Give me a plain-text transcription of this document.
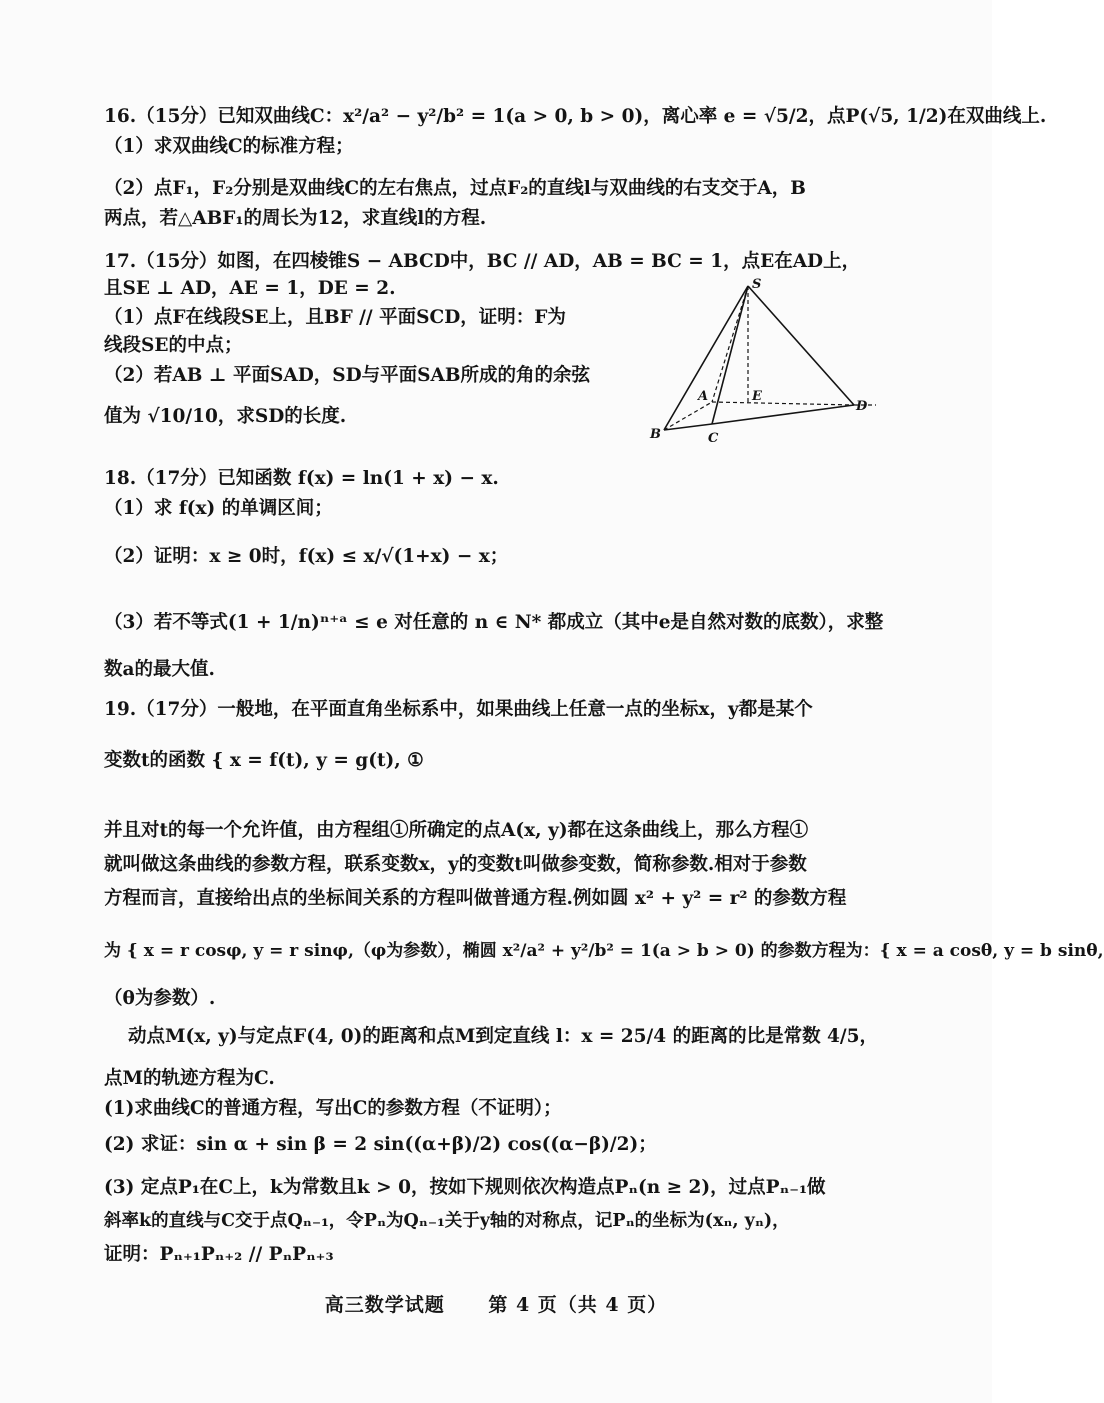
16.（15分）已知双曲线C：x²/a² − y²/b² = 1(a > 0, b > 0)，离心率 e = √5/2，点P(√5, 1/2)在双曲线上.
（1）求双曲线C的标准方程；
（2）点F₁，F₂分别是双曲线C的左右焦点，过点F₂的直线l与双曲线的右支交于A，B
两点，若△ABF₁的周长为12，求直线l的方程.
17.（15分）如图，在四棱锥S − ABCD中，BC // AD，AB = BC = 1，点E在AD上，
且SE ⊥ AD，AE = 1，DE = 2.
（1）点F在线段SE上，且BF // 平面SCD，证明：F为
线段SE的中点；
（2）若AB ⊥ 平面SAD，SD与平面SAB所成的角的余弦
值为 √10/10，求SD的长度.
S
A
B	C
D
E
18.（17分）已知函数 f(x) = ln(1 + x) − x.
（1）求 f(x) 的单调区间；
（2）证明：x ≥ 0时，f(x) ≤ x/√(1+x) − x；
（3）若不等式(1 + 1/n)ⁿ⁺ᵃ ≤ e 对任意的 n ∈ N* 都成立（其中e是自然对数的底数），求整
数a的最大值.
19.（17分）一般地，在平面直角坐标系中，如果曲线上任意一点的坐标x，y都是某个
变数t的函数 { x = f(t), y = g(t), ①
并且对t的每一个允许值，由方程组①所确定的点A(x, y)都在这条曲线上，那么方程①
就叫做这条曲线的参数方程，联系变数x，y的变数t叫做参变数，简称参数.相对于参数
方程而言，直接给出点的坐标间关系的方程叫做普通方程.例如圆 x² + y² = r² 的参数方程
为 { x = r cosφ, y = r sinφ,（φ为参数），椭圆 x²/a² + y²/b² = 1(a > b > 0) 的参数方程为：{ x = a cosθ, y = b sinθ,
（θ为参数）.
动点M(x, y)与定点F(4, 0)的距离和点M到定直线 l：x = 25/4 的距离的比是常数 4/5，
点M的轨迹方程为C.
(1)求曲线C的普通方程，写出C的参数方程（不证明）；
(2) 求证：sin α + sin β = 2 sin((α+β)/2) cos((α−β)/2)；
(3) 定点P₁在C上，k为常数且k > 0，按如下规则依次构造点Pₙ(n ≥ 2)，过点Pₙ₋₁做
斜率k的直线与C交于点Qₙ₋₁，令Pₙ为Qₙ₋₁关于y轴的对称点，记Pₙ的坐标为(xₙ, yₙ)，
证明：Pₙ₊₁Pₙ₊₂ // PₙPₙ₊₃
高三数学试题 第 4 页（共 4 页）
